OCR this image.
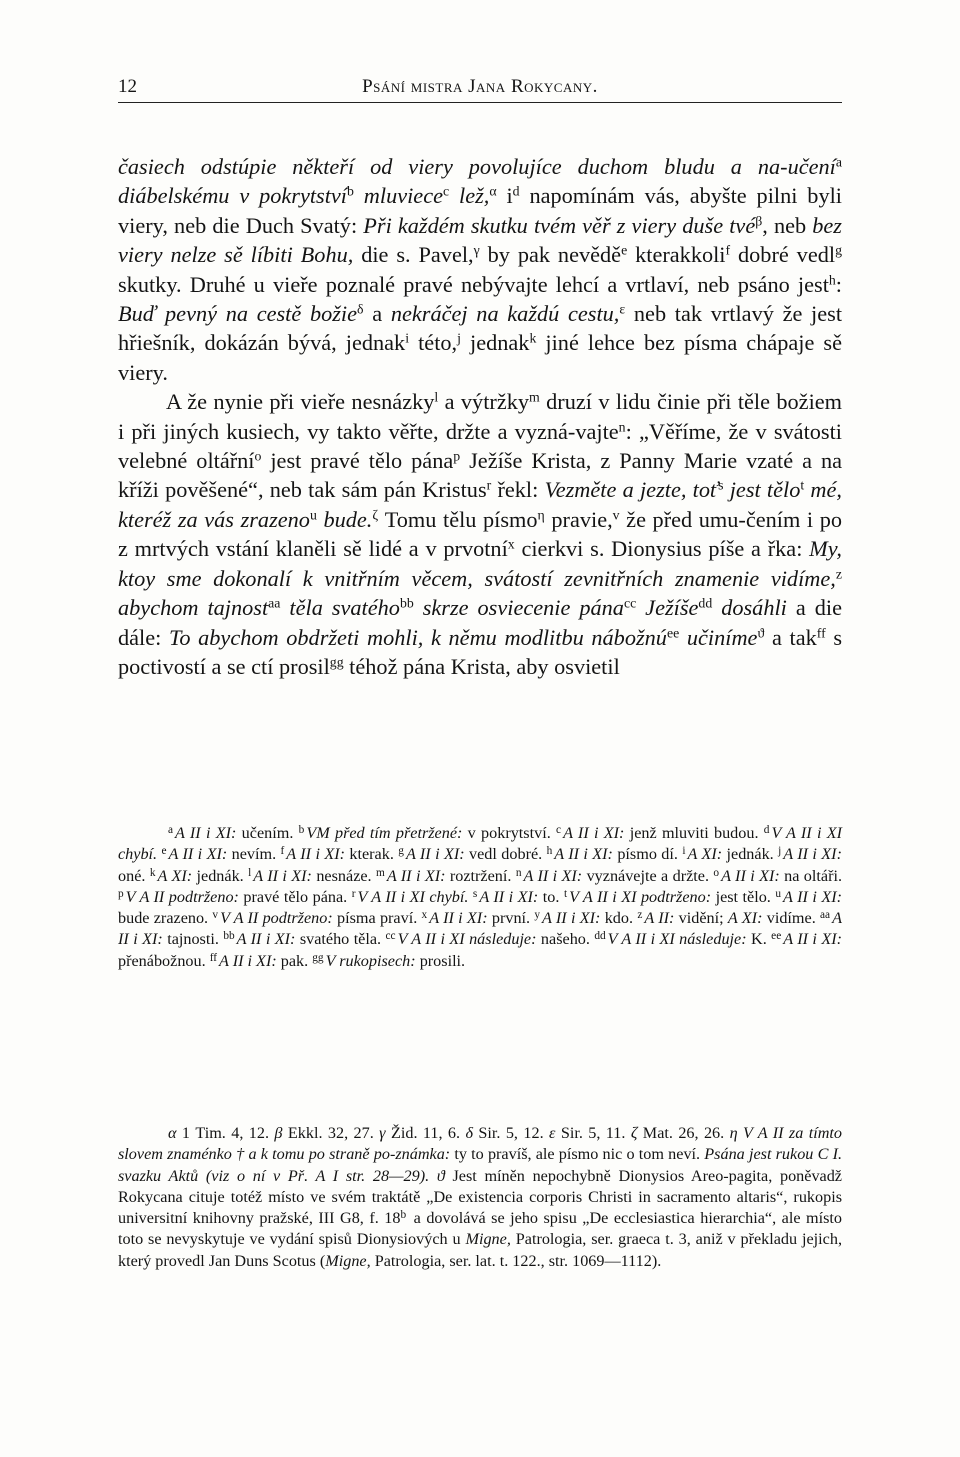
12	Psání mistra Jana Rokycany.

časiech odstúpie někteří od viery povolujíce duchom bludu a na-učení$^a$ diábelskému v pokrytství$^b$ mluviece$^c$ lež,$^\alpha$ $i^d$ napomínám vás, abyšte pilni byli viery, neb die Duch Svatý: Při každém skutku tvém věř z viery duše tvé$^\beta$, neb bez viery nelze sě líbiti Bohu, die s. Pavel,$^\gamma$ by pak nevědě$^e$ kterakkoli$^f$ dobré vedl$^g$ skutky. Druhé u vieře poznalé pravé nebývajte lehcí a vrtlaví, neb psáno jest$^h$: Buď pevný na cestě božie$^\delta$ a nekráčej na každú cestu,$^\varepsilon$ neb tak vrtlavý že jest hřiešník, dokázán bývá, jednak$^i$ této,$^j$ jednak$^k$ jiné lehce bez písma chápaje sě viery.

A že nynie při vieře nesnázky$^l$ a výtržky$^m$ druzí v lidu činie při těle božiem i při jiných kusiech, vy takto věřte, držte a vyzná-vajte$^n$: „Věříme, že v svátosti velebné oltářní$^o$ jest pravé tělo pána$^p$ Ježíše Krista, z Panny Marie vzaté a na kříži pověšené“, neb tak sám pán Kristus$^r$ řekl: Vezměte a jezte, toť$^s$ jest tělo$^t$ mé, kteréž za vás zrazeno$^u$ bude.$^\zeta$ Tomu tělu písmo$^\eta$ pravie,$^v$ že před umu-čením i po z mrtvých vstání klaněli sě lidé a v prvotní$^x$ cierkvi s. Dionysius píše a řka: My, ktoy sme dokonalí k vnitřním věcem, svátostí zevnitřních znamenie vidíme,$^z$ abychom tajnost$^{aa}$ těla svatého$^{bb}$ skrze osviecenie pána$^{cc}$ Ježíše$^{dd}$ dosáhli a die dále: To abychom obdržeti mohli, k němu modlitbu nábožnú$^{ee}$ učiníme$^ϑ$ a tak$^{ff}$ s poctivostí a se ctí prosil$^{gg}$ téhož pána Krista, aby osvietil

$^a$ A II i XI: učením. $^b$ VM před tím přetržené: v pokrytství. $^c$ A II i XI: jenž mluviti budou. $^d$ V A II i XI chybí. $^e$ A II i XI: nevím. $^f$ A II i XI: kterak. $^g$ A II i XI: vedl dobré. $^h$ A II i XI: písmo dí. $^i$ A XI: jednák. $^j$ A II i XI: oné. $^k$ A XI: jednák. $^l$ A II i XI: nesnáze. $^m$ A II i XI: roztržení. $^n$ A II i XI: vyznávejte a držte. $^o$ A II i XI: na oltáři. $^p$ V A II podtrženo: pravé tělo pána. $^r$ V A II i XI chybí. $^s$ A II i XI: to. $^t$ V A II i XI podtrženo: jest tělo. $^u$ A II i XI: bude zrazeno. $^v$ V A II podtrženo: písma praví. $^x$ A II i XI: první. $^y$ A II i XI: kdo. $^z$ A II: vidění; A XI: vidíme. $^{aa}$ A II i XI: tajnosti. $^{bb}$ A II i XI: svatého těla. $^{cc}$ V A II i XI následuje: našeho. $^{dd}$ V A II i XI následuje: K. $^{ee}$ A II i XI: přenábožnou. $^{ff}$ A II i XI: pak. $^{gg}$ V rukopisech: prosili.

α 1 Tim. 4, 12. β Ekkl. 32, 27. γ Žid. 11, 6. δ Sir. 5, 12. ε Sir. 5, 11. ζ Mat. 26, 26. η V A II za tímto slovem znaménko † a k tomu po straně po-známka: ty to pravíš, ale písmo nic o tom neví. Psána jest rukou C I. svazku Aktů (viz o ní v Př. A I str. 28—29). ϑ Jest míněn nepochybně Dionysios Areo-pagita, poněvadž Rokycana cituje totéž místo ve svém traktátě „De existencia corporis Christi in sacramento altaris“, rukopis universitní knihovny pražské, III G8, f. 18$^b$ a dovolává se jeho spisu „De ecclesiastica hierarchia“, ale místo toto se nevyskytuje ve vydání spisů Dionysiových u Migne, Patrologia, ser. graeca t. 3, aniž v překladu jejich, který provedl Jan Duns Scotus (Migne, Patrologia, ser. lat. t. 122., str. 1069—1112).
